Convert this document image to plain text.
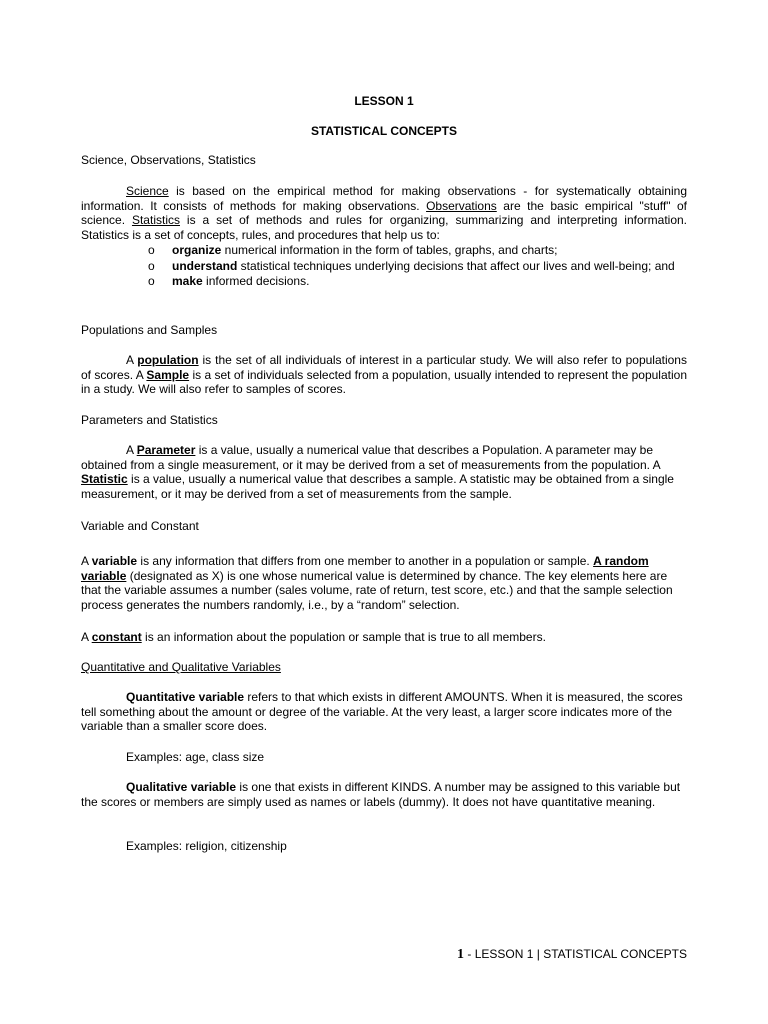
LESSON 1

STATISTICAL CONCEPTS

Science, Observations, Statistics

Science is based on the empirical method for making observations - for systematically obtaining information. It consists of methods for making observations. Observations are the basic empirical "stuff" of science. Statistics is a set of methods and rules for organizing, summarizing and interpreting information. Statistics is a set of concepts, rules, and procedures that help us to:

o organize numerical information in the form of tables, graphs, and charts;
o understand statistical techniques underlying decisions that affect our lives and well-being; and
o make informed decisions.

Populations and Samples

A population is the set of all individuals of interest in a particular study. We will also refer to populations of scores. A Sample is a set of individuals selected from a population, usually intended to represent the population in a study. We will also refer to samples of scores.

Parameters and Statistics

A Parameter is a value, usually a numerical value that describes a Population. A parameter may be obtained from a single measurement, or it may be derived from a set of measurements from the population. A Statistic is a value, usually a numerical value that describes a sample. A statistic may be obtained from a single measurement, or it may be derived from a set of measurements from the sample.

Variable and Constant

A variable is any information that differs from one member to another in a population or sample. A random variable (designated as X) is one whose numerical value is determined by chance. The key elements here are that the variable assumes a number (sales volume, rate of return, test score, etc.) and that the sample selection process generates the numbers randomly, i.e., by a “random” selection.

A constant is an information about the population or sample that is true to all members.

Quantitative and Qualitative Variables

Quantitative variable refers to that which exists in different AMOUNTS. When it is measured, the scores tell something about the amount or degree of the variable. At the very least, a larger score indicates more of the variable than a smaller score does.

Examples: age, class size

Qualitative variable is one that exists in different KINDS. A number may be assigned to this variable but the scores or members are simply used as names or labels (dummy). It does not have quantitative meaning.

Examples: religion, citizenship

1 - LESSON 1 | STATISTICAL CONCEPTS
